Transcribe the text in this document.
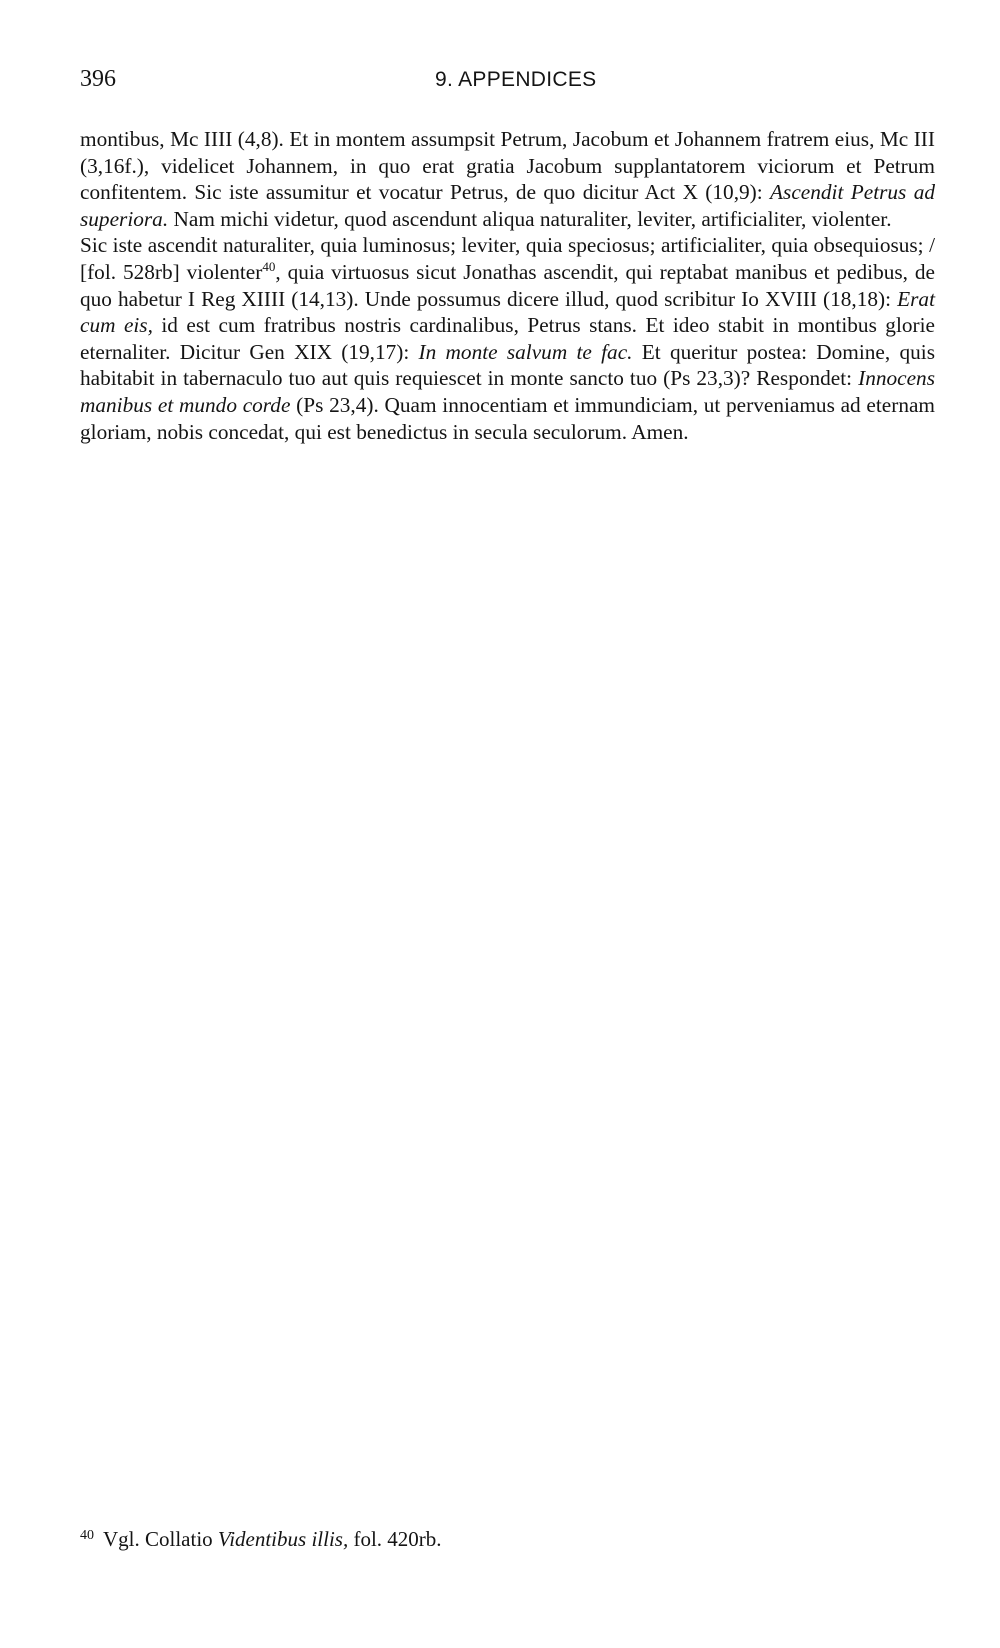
396	9. APPENDICES

montibus, Mc IIII (4,8). Et in montem assumpsit Petrum, Jacobum et Johannem fratrem eius, Mc III (3,16f.), videlicet Johannem, in quo erat gratia Jacobum supplantatorem viciorum et Petrum confitentem. Sic iste assumitur et vocatur Petrus, de quo dicitur Act X (10,9): Ascendit Petrus ad superiora. Nam michi videtur, quod ascendunt aliqua naturaliter, leviter, artificialiter, violenter.

Sic iste ascendit naturaliter, quia luminosus; leviter, quia speciosus; artificialiter, quia obsequiosus; / [fol. 528rb] violenter$^{40}$, quia virtuosus sicut Jonathas ascendit, qui reptabat manibus et pedibus, de quo habetur I Reg XIIII (14,13). Unde possumus dicere illud, quod scribitur Io XVIII (18,18): Erat cum eis, id est cum fratribus nostris cardinalibus, Petrus stans. Et ideo stabit in montibus glorie eternaliter. Dicitur Gen XIX (19,17): In monte salvum te fac. Et queritur postea: Domine, quis habitabit in tabernaculo tuo aut quis requiescet in monte sancto tuo (Ps 23,3)? Respondet: Innocens manibus et mundo corde (Ps 23,4). Quam innocentiam et immundiciam, ut perveniamus ad eternam gloriam, nobis concedat, qui est benedictus in secula seculorum. Amen.

$^{40}$ Vgl. Collatio Videntibus illis, fol. 420rb.
